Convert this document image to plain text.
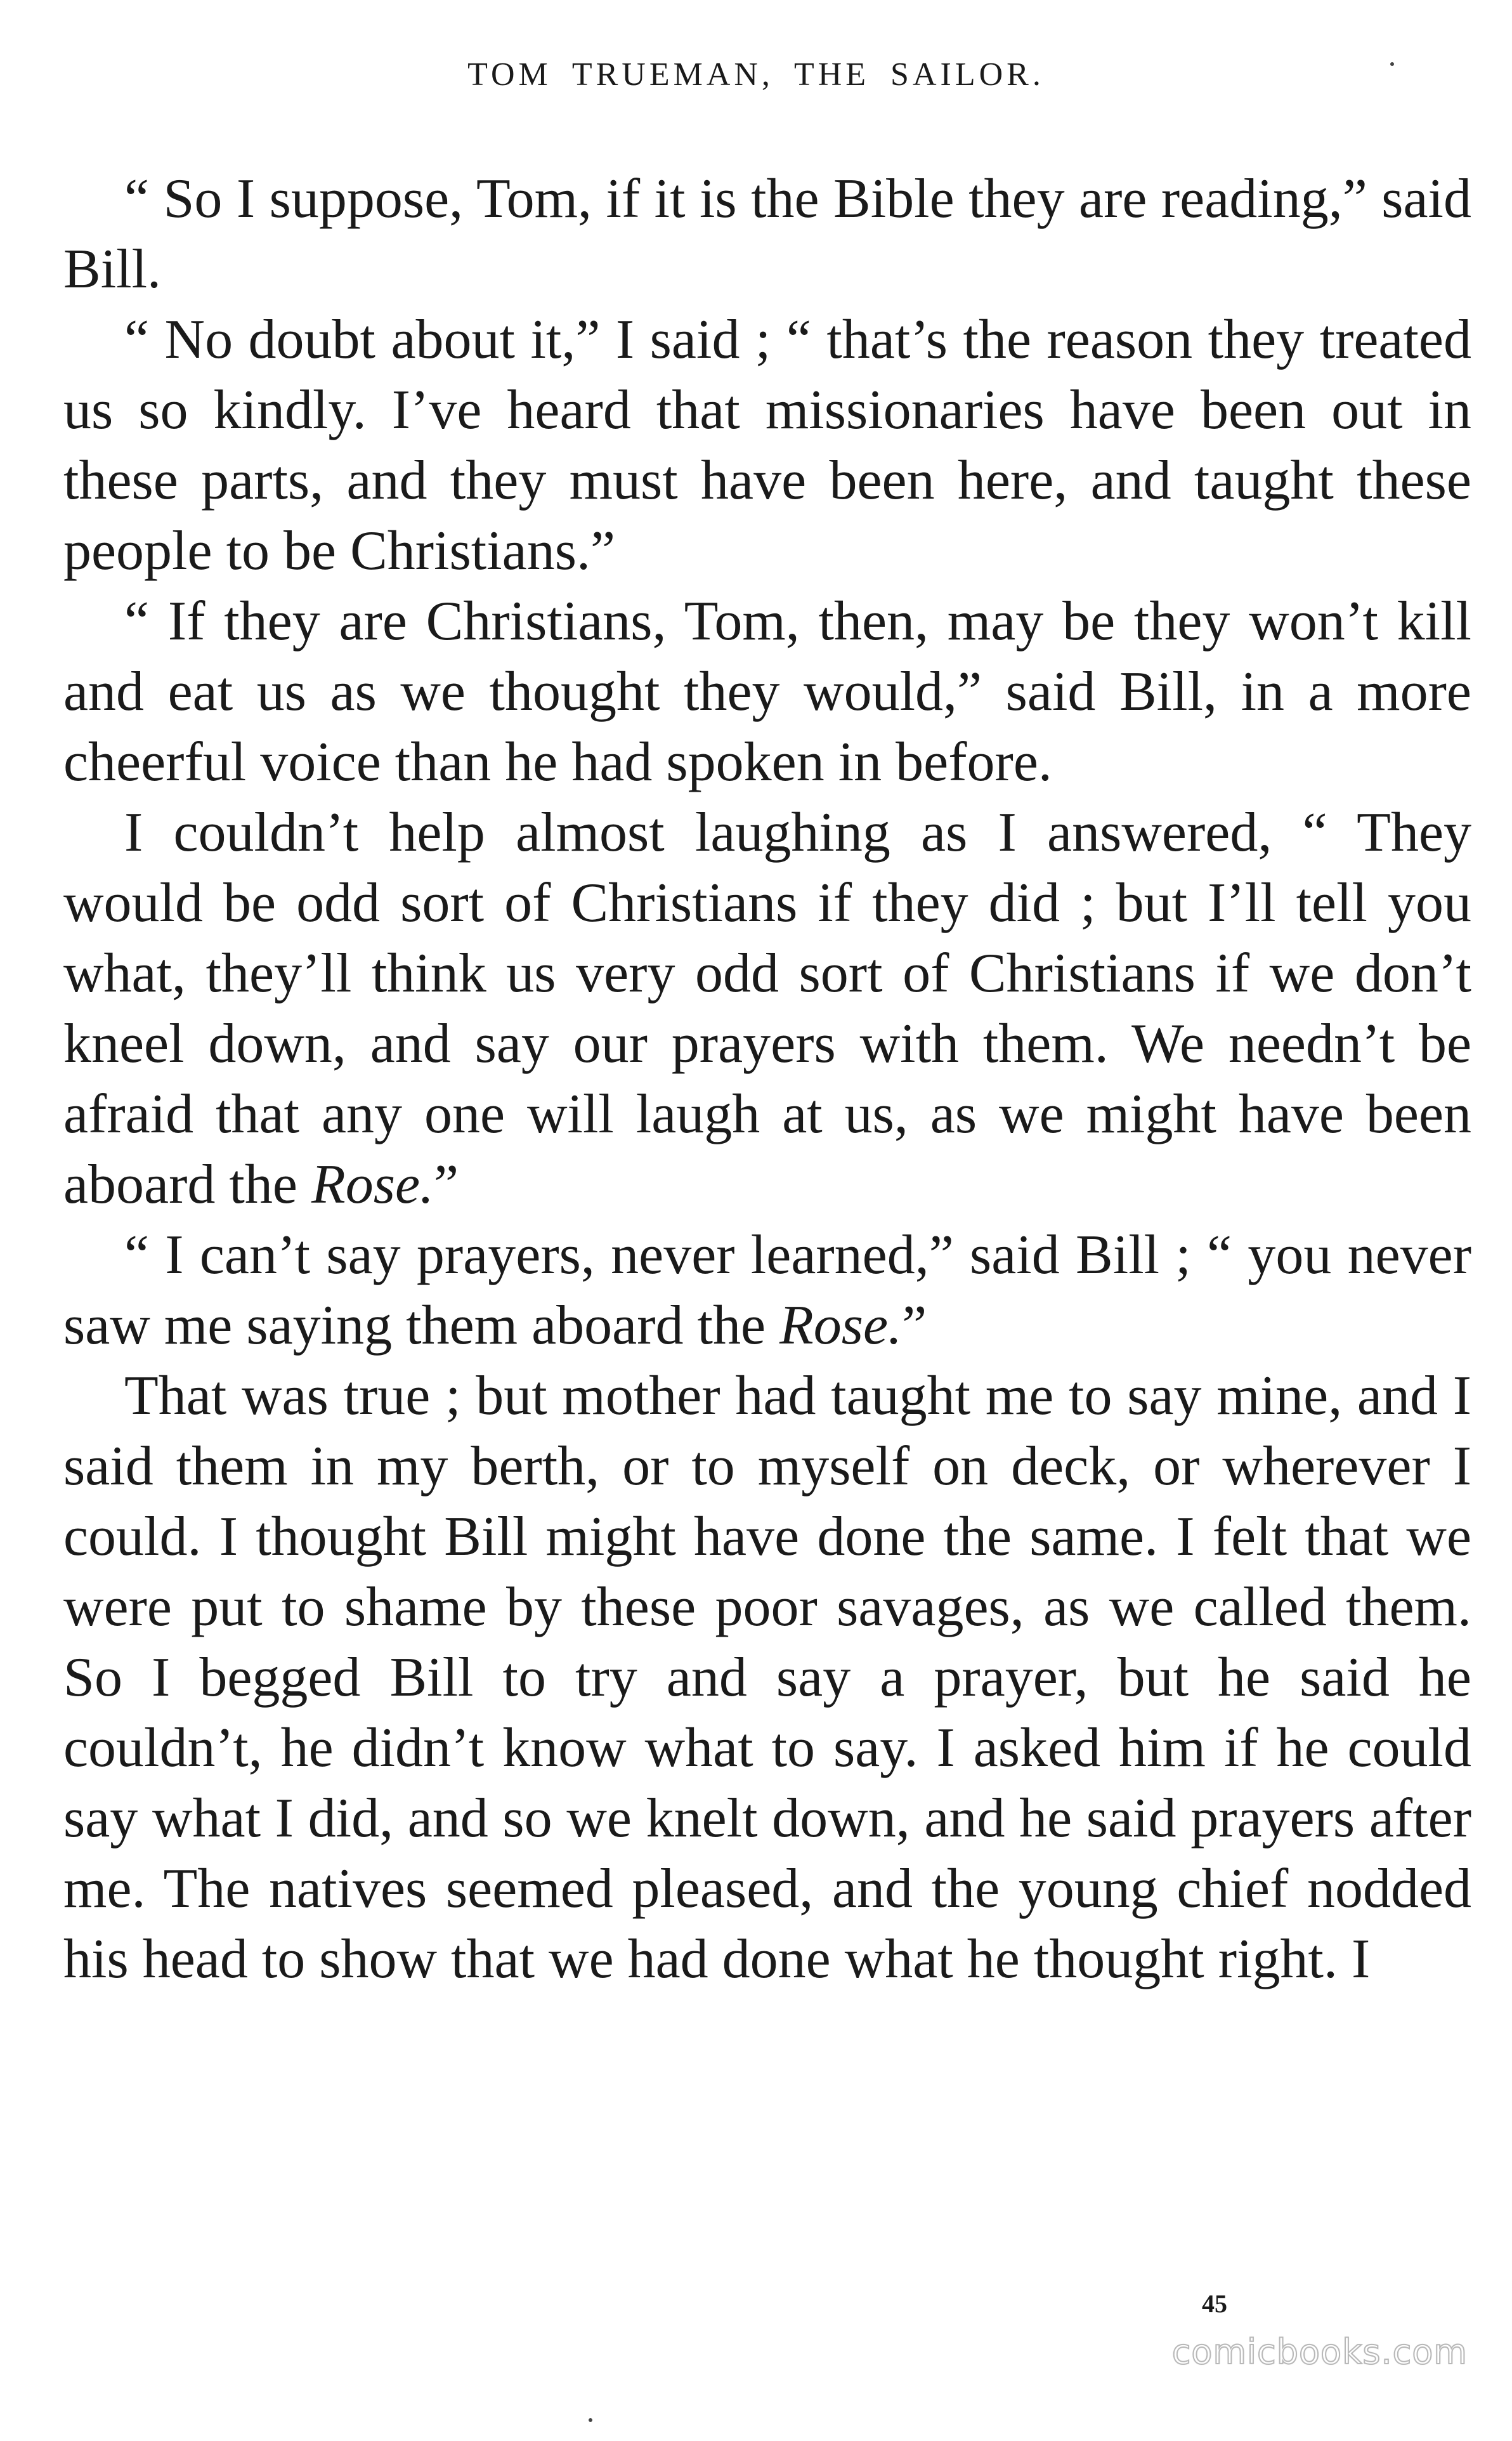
TOM TRUEMAN, THE SAILOR.

“ So I suppose, Tom, if it is the Bible they are reading,” said Bill.

“ No doubt about it,” I said ; “ that’s the reason they treated us so kindly. I’ve heard that missionaries have been out in these parts, and they must have been here, and taught these people to be Christians.”

“ If they are Christians, Tom, then, may be they won’t kill and eat us as we thought they would,” said Bill, in a more cheerful voice than he had spoken in before.

I couldn’t help almost laughing as I answered, “ They would be odd sort of Christians if they did ; but I’ll tell you what, they’ll think us very odd sort of Christians if we don’t kneel down, and say our prayers with them. We needn’t be afraid that any one will laugh at us, as we might have been aboard the Rose.”

“ I can’t say prayers, never learned,” said Bill ; “ you never saw me saying them aboard the Rose.”

That was true ; but mother had taught me to say mine, and I said them in my berth, or to myself on deck, or wherever I could. I thought Bill might have done the same. I felt that we were put to shame by these poor savages, as we called them. So I begged Bill to try and say a prayer, but he said he couldn’t, he didn’t know what to say. I asked him if he could say what I did, and so we knelt down, and he said prayers after me. The natives seemed pleased, and the young chief nodded his head to show that we had done what he thought right. I

45
comicbooks.com
